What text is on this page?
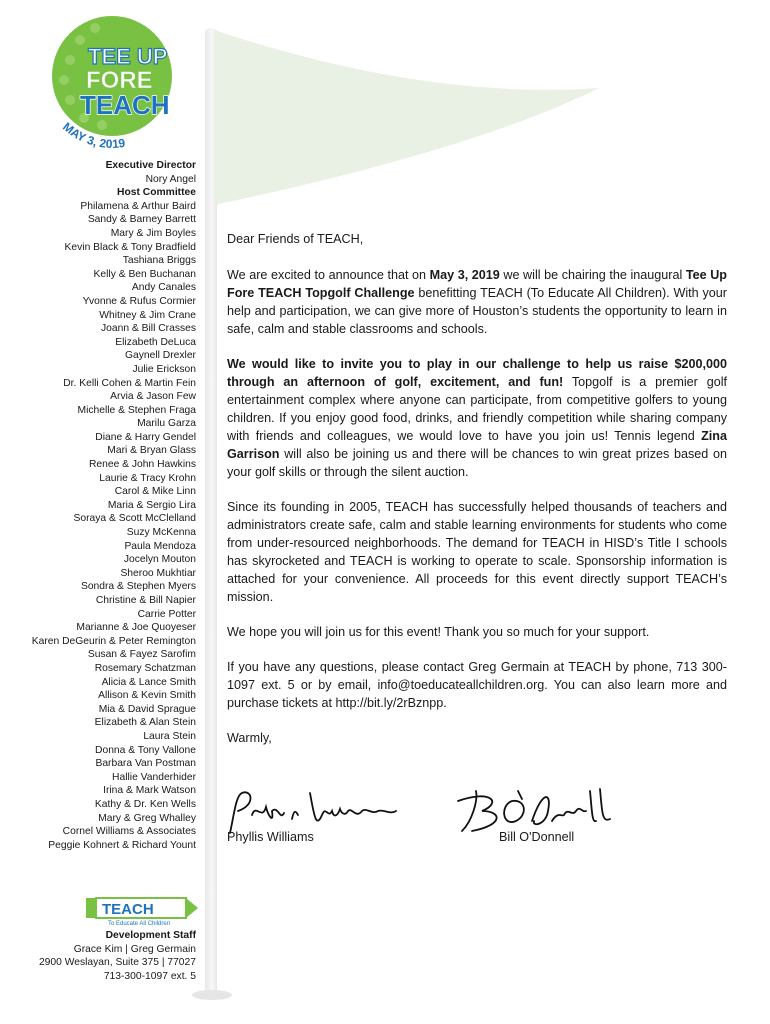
TEE UP
FORE
TEACH
MAY 3, 2019
Executive Director
Nory Angel
Host Committee
Philamena & Arthur Baird
Sandy & Barney Barrett
Mary & Jim Boyles
Kevin Black & Tony Bradfield
Tashiana Briggs
Kelly & Ben Buchanan
Andy Canales
Yvonne & Rufus Cormier
Whitney & Jim Crane
Joann & Bill Crasses
Elizabeth DeLuca
Gaynell Drexler
Julie Erickson
Dr. Kelli Cohen & Martin Fein
Arvia & Jason Few
Michelle & Stephen Fraga
Marilu Garza
Diane & Harry Gendel
Mari & Bryan Glass
Renee & John Hawkins
Laurie & Tracy Krohn
Carol & Mike Linn
Maria & Sergio Lira
Soraya & Scott McClelland
Suzy McKenna
Paula Mendoza
Jocelyn Mouton
Sheroo Mukhtiar
Sondra & Stephen Myers
Christine & Bill Napier
Carrie Potter
Marianne & Joe Quoyeser
Karen DeGeurin & Peter Remington
Susan & Fayez Sarofim
Rosemary Schatzman
Alicia & Lance Smith
Allison & Kevin Smith
Mia & David Sprague
Elizabeth & Alan Stein
Laura Stein
Donna & Tony Vallone
Barbara Van Postman
Hallie Vanderhider
Irina & Mark Watson
Kathy & Dr. Ken Wells
Mary & Greg Whalley
Cornel Williams & Associates
Peggie Kohnert & Richard Yount
TEACH
To Educate All Children
Development Staff
Grace Kim | Greg Germain
2900 Weslayan, Suite 375 | 77027
713-300-1097 ext. 5

Dear Friends of TEACH,

We are excited to announce that on May 3, 2019 we will be chairing the inaugural Tee Up Fore TEACH Topgolf Challenge benefitting TEACH (To Educate All Children). With your help and participation, we can give more of Houston’s students the opportunity to learn in safe, calm and stable classrooms and schools.

We would like to invite you to play in our challenge to help us raise $200,000 through an afternoon of golf, excitement, and fun! Topgolf is a premier golf entertainment complex where anyone can participate, from competitive golfers to young children. If you enjoy good food, drinks, and friendly competition while sharing company with friends and colleagues, we would love to have you join us! Tennis legend Zina Garrison will also be joining us and there will be chances to win great prizes based on your golf skills or through the silent auction.

Since its founding in 2005, TEACH has successfully helped thousands of teachers and administrators create safe, calm and stable learning environments for students who come from under-resourced neighborhoods. The demand for TEACH in HISD’s Title I schools has skyrocketed and TEACH is working to operate to scale. Sponsorship information is attached for your convenience. All proceeds for this event directly support TEACH’s mission.

We hope you will join us for this event! Thank you so much for your support.

If you have any questions, please contact Greg Germain at TEACH by phone, 713 300-1097 ext. 5 or by email, info@toeducateallchildren.org. You can also learn more and purchase tickets at http://bit.ly/2rBznpp.

Warmly,

Phyllis Williams	Bill O'Donnell
